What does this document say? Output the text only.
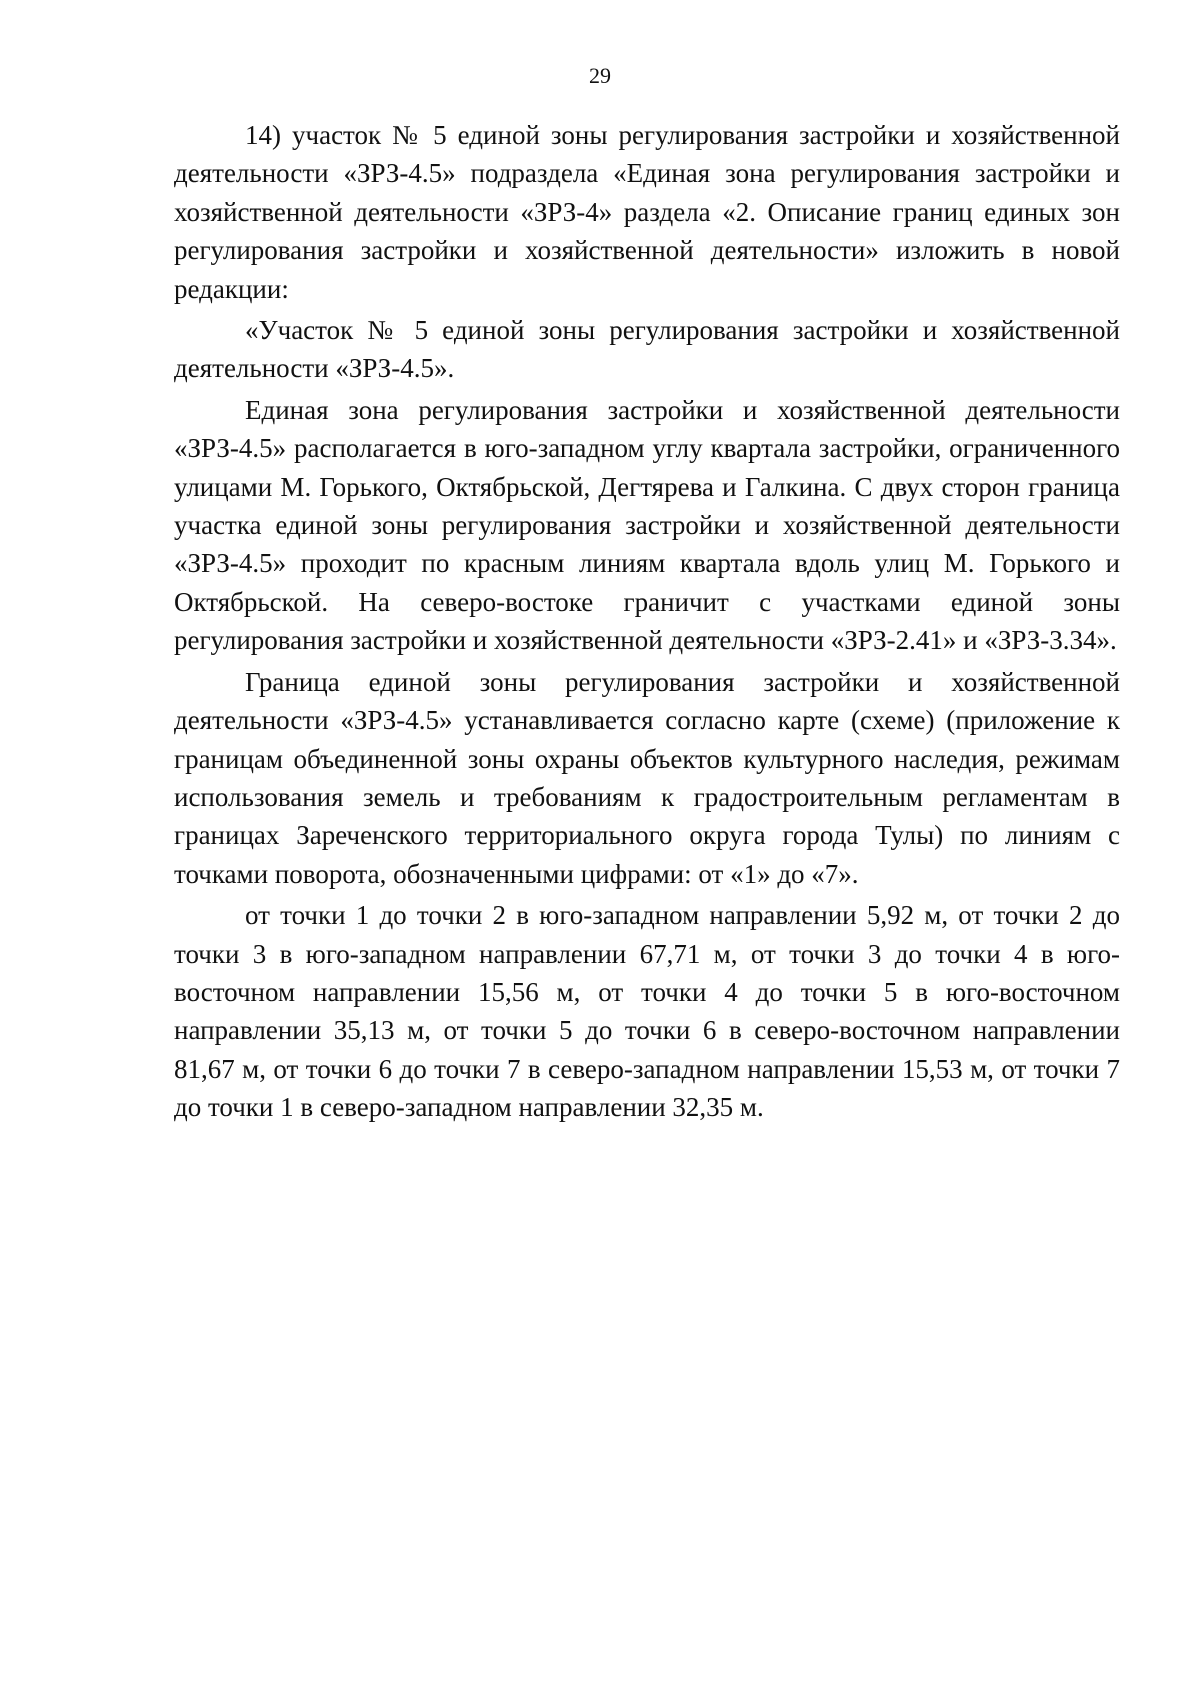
29

14) участок № 5 единой зоны регулирования застройки и хозяйственной деятельности «ЗРЗ-4.5» подраздела «Единая зона регулирования застройки и хозяйственной деятельности «ЗРЗ-4» раздела «2. Описание границ единых зон регулирования застройки и хозяйственной деятельности» изложить в новой редакции:

«Участок № 5 единой зоны регулирования застройки и хозяйственной деятельности «ЗРЗ-4.5».

Единая зона регулирования застройки и хозяйственной деятельности «ЗРЗ-4.5» располагается в юго-западном углу квартала застройки, ограниченного улицами М. Горького, Октябрьской, Дегтярева и Галкина. С двух сторон граница участка единой зоны регулирования застройки и хозяйственной деятельности «ЗРЗ-4.5» проходит по красным линиям квартала вдоль улиц М. Горького и Октябрьской. На северо-востоке граничит с участками единой зоны регулирования застройки и хозяйственной деятельности «ЗРЗ-2.41» и «ЗРЗ-3.34».

Граница единой зоны регулирования застройки и хозяйственной деятельности «ЗРЗ-4.5» устанавливается согласно карте (схеме) (приложение к границам объединенной зоны охраны объектов культурного наследия, режимам использования земель и требованиям к градостроительным регламентам в границах Зареченского территориального округа города Тулы) по линиям с точками поворота, обозначенными цифрами: от «1» до «7».

от точки 1 до точки 2 в юго-западном направлении 5,92 м, от точки 2 до точки 3 в юго-западном направлении 67,71 м, от точки 3 до точки 4 в юго-восточном направлении 15,56 м, от точки 4 до точки 5 в юго-восточном направлении 35,13 м, от точки 5 до точки 6 в северо-восточном направлении 81,67 м, от точки 6 до точки 7 в северо-западном направлении 15,53 м, от точки 7 до точки 1 в северо-западном направлении 32,35 м.
